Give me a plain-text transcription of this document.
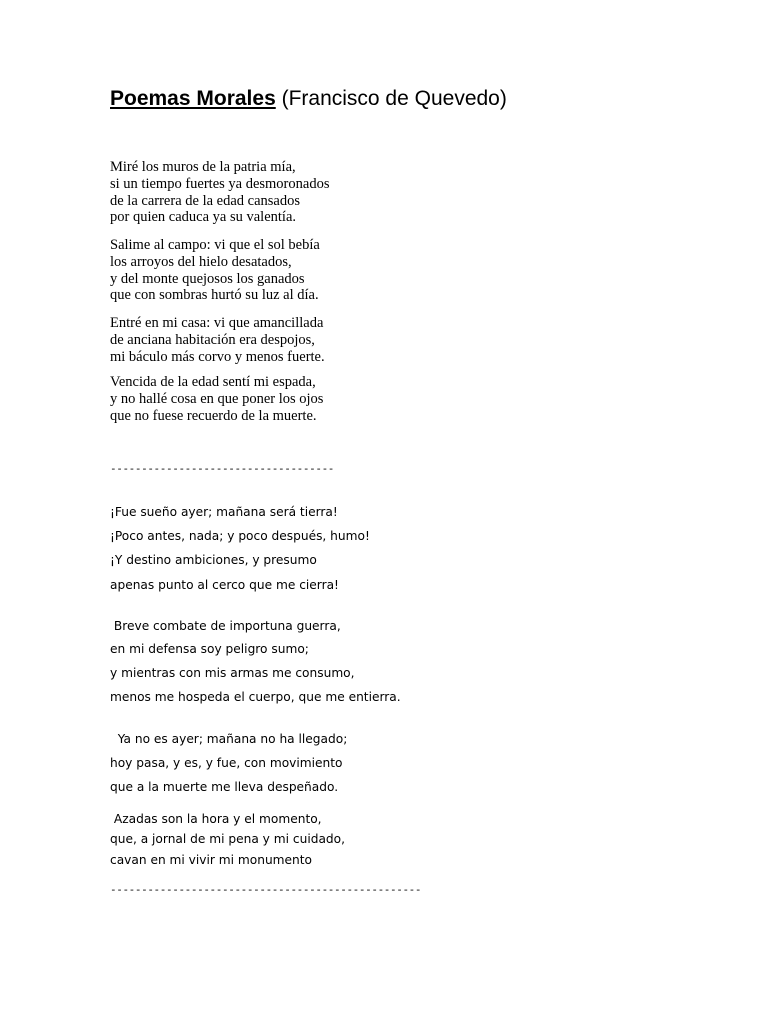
Poemas Morales (Francisco de Quevedo)
Miré los muros de la patria mía,
si un tiempo fuertes ya desmoronados
de la carrera de la edad cansados
por quien caduca ya su valentía.
Salime al campo: vi que el sol bebía
los arroyos del hielo desatados,
y del monte quejosos los ganados
que con sombras hurtó su luz al día.
Entré en mi casa: vi que amancillada
de anciana habitación era despojos,
mi báculo más corvo y menos fuerte.
Vencida de la edad sentí mi espada,
y no hallé cosa en que poner los ojos
que no fuese recuerdo de la muerte.
------------------------------------
¡Fue sueño ayer; mañana será tierra!
¡Poco antes, nada; y poco después, humo!
¡Y destino ambiciones, y presumo
apenas punto al cerco que me cierra!
Breve combate de importuna guerra,
en mi defensa soy peligro sumo;
y mientras con mis armas me consumo,
menos me hospeda el cuerpo, que me entierra.
Ya no es ayer; mañana no ha llegado;
hoy pasa, y es, y fue, con movimiento
que a la muerte me lleva despeñado.
Azadas son la hora y el momento,
que, a jornal de mi pena y mi cuidado,
cavan en mi vivir mi monumento
--------------------------------------------------
